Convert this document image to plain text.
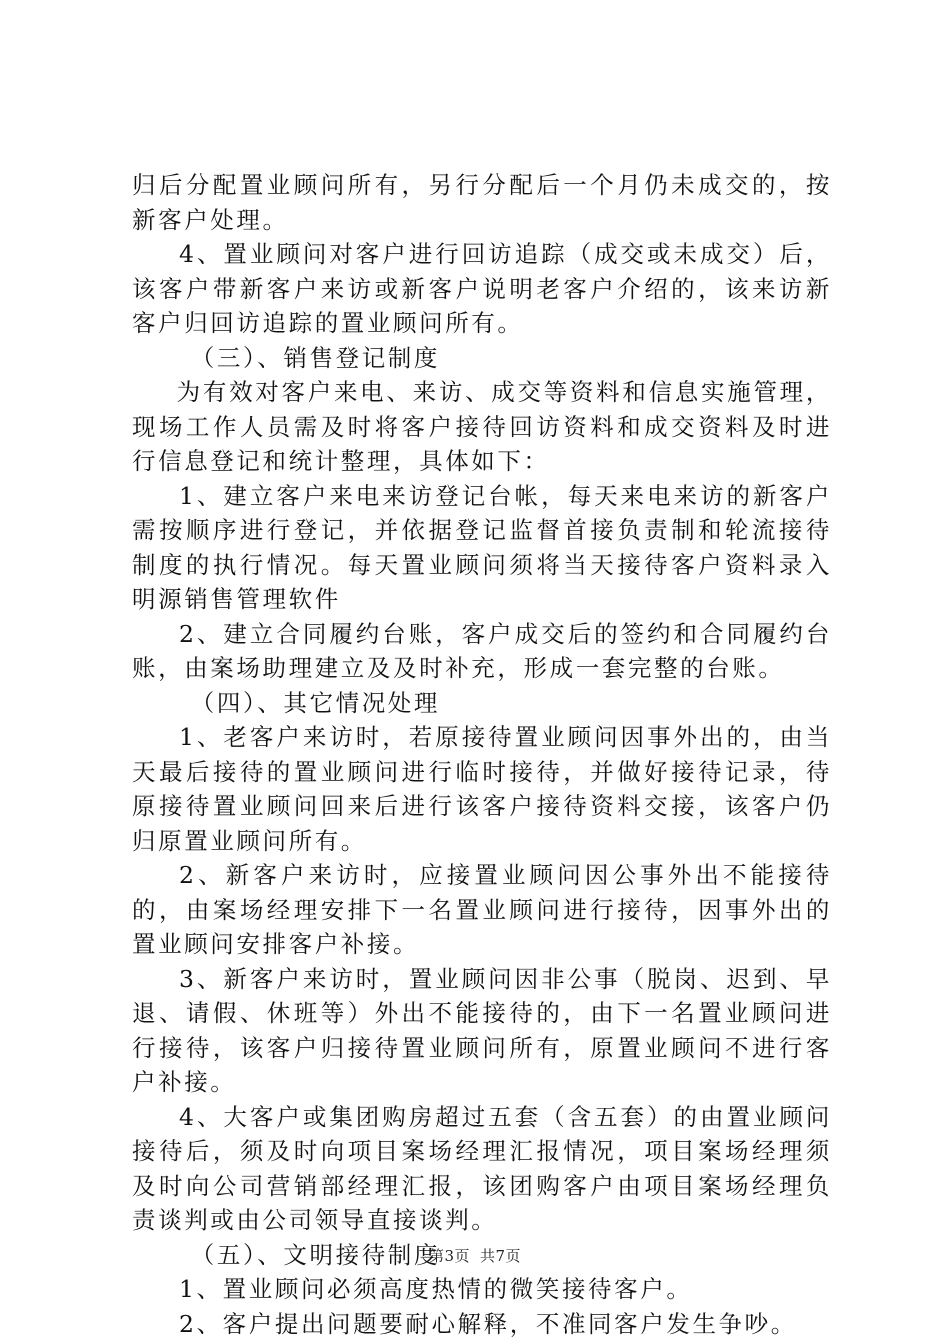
归后分配置业顾问所有，另行分配后一个月仍未成交的，按新客户处理。

4、置业顾问对客户进行回访追踪（成交或未成交）后，该客户带新客户来访或新客户说明老客户介绍的，该来访新客户归回访追踪的置业顾问所有。

（三）、销售登记制度

为有效对客户来电、来访、成交等资料和信息实施管理，现场工作人员需及时将客户接待回访资料和成交资料及时进行信息登记和统计整理，具体如下：

1、建立客户来电来访登记台帐，每天来电来访的新客户需按顺序进行登记，并依据登记监督首接负责制和轮流接待制度的执行情况。每天置业顾问须将当天接待客户资料录入明源销售管理软件

2、建立合同履约台账，客户成交后的签约和合同履约台账，由案场助理建立及及时补充，形成一套完整的台账。

（四）、其它情况处理

1、老客户来访时，若原接待置业顾问因事外出的，由当天最后接待的置业顾问进行临时接待，并做好接待记录，待原接待置业顾问回来后进行该客户接待资料交接，该客户仍归原置业顾问所有。

2、新客户来访时，应接置业顾问因公事外出不能接待的，由案场经理安排下一名置业顾问进行接待，因事外出的置业顾问安排客户补接。

3、新客户来访时，置业顾问因非公事（脱岗、迟到、早退、请假、休班等）外出不能接待的，由下一名置业顾问进行接待，该客户归接待置业顾问所有，原置业顾问不进行客户补接。

4、大客户或集团购房超过五套（含五套）的由置业顾问接待后，须及时向项目案场经理汇报情况，项目案场经理须及时向公司营销部经理汇报，该团购客户由项目案场经理负责谈判或由公司领导直接谈判。

（五）、文明接待制度

1、置业顾问必须高度热情的微笑接待客户。

2、客户提出问题要耐心解释，不准同客户发生争吵。

第3页 共7页
